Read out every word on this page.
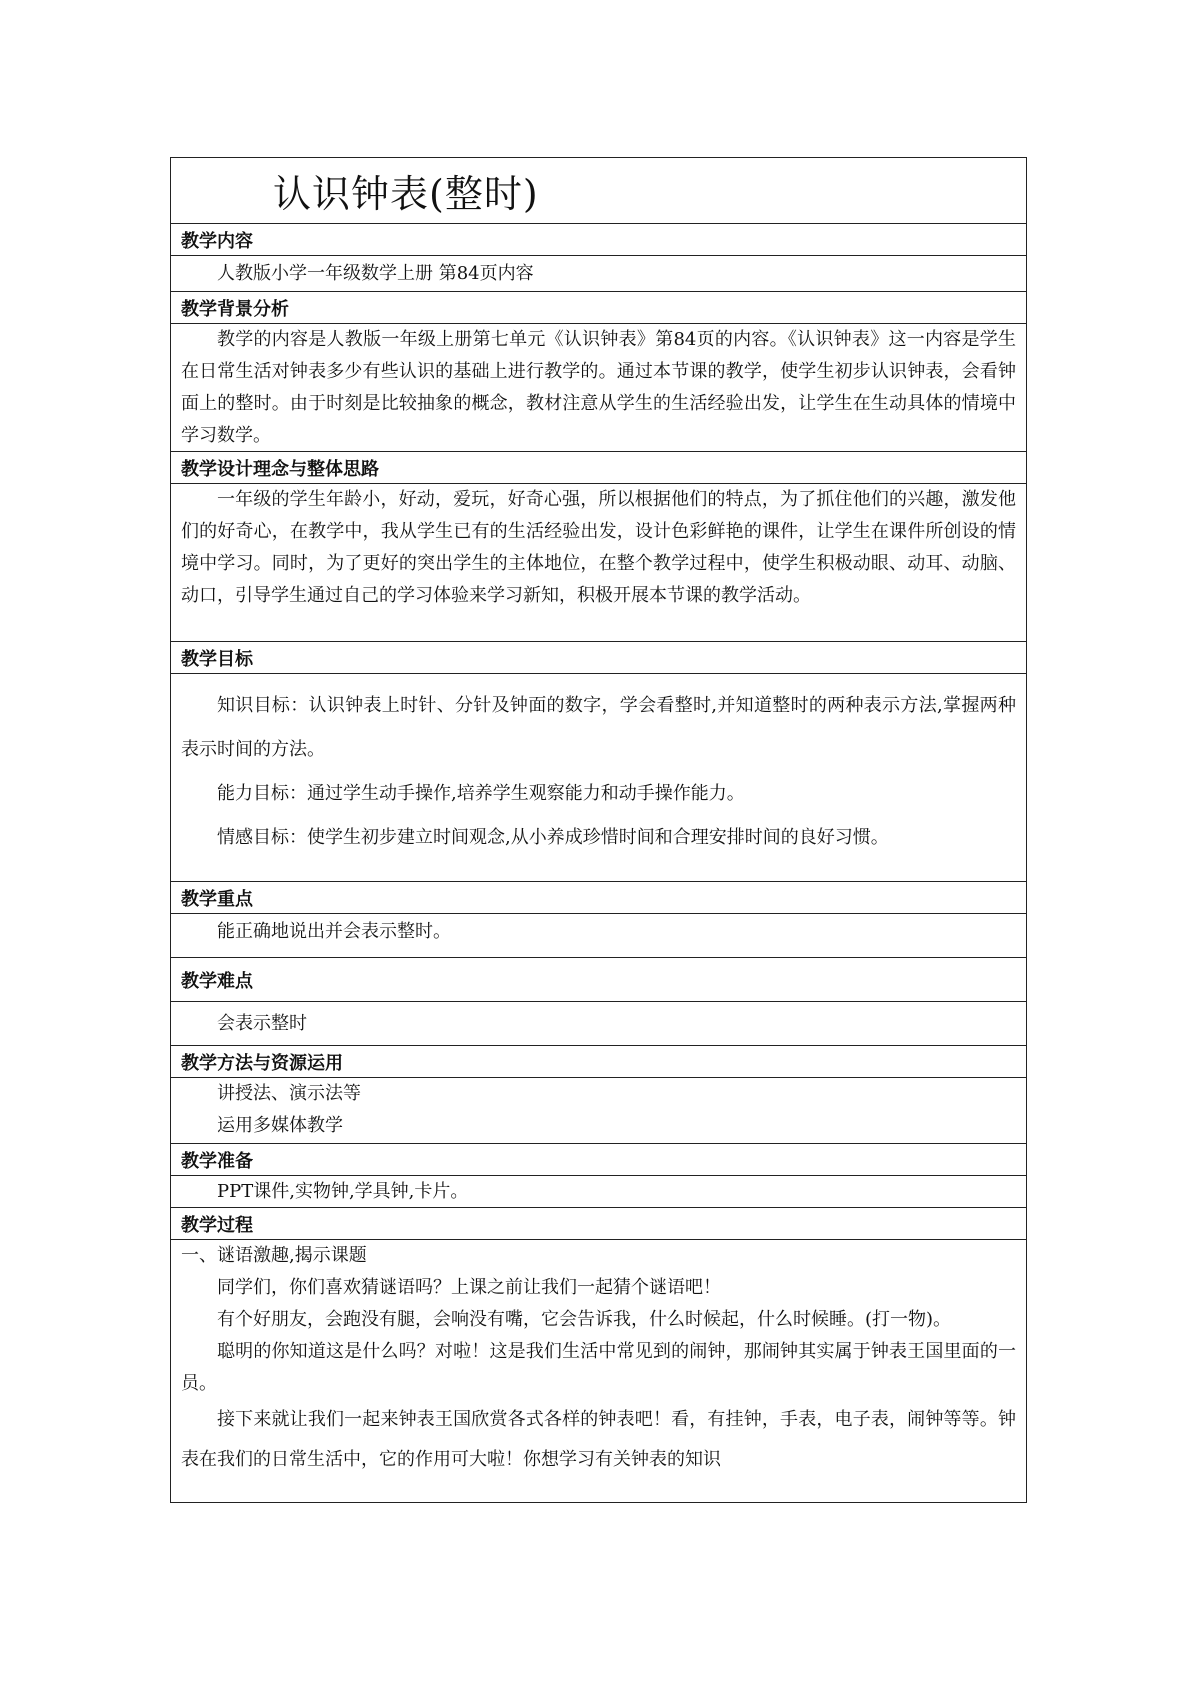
认识钟表(整时)
教学内容

人教版小学一年级数学上册 第84页内容

教学背景分析

教学的内容是人教版一年级上册第七单元《认识钟表》第84页的内容。《认识钟表》这一内容是学生在日常生活对钟表多少有些认识的基础上进行教学的。通过本节课的教学，使学生初步认识钟表，会看钟面上的整时。由于时刻是比较抽象的概念，教材注意从学生的生活经验出发，让学生在生动具体的情境中学习数学。

教学设计理念与整体思路

一年级的学生年龄小，好动，爱玩，好奇心强，所以根据他们的特点，为了抓住他们的兴趣，激发他们的好奇心，在教学中，我从学生已有的生活经验出发，设计色彩鲜艳的课件，让学生在课件所创设的情境中学习。同时，为了更好的突出学生的主体地位，在整个教学过程中，使学生积极动眼、动耳、动脑、动口，引导学生通过自己的学习体验来学习新知，积极开展本节课的教学活动。

教学目标

知识目标：认识钟表上时针、分针及钟面的数字，学会看整时,并知道整时的两种表示方法,掌握两种表示时间的方法。

能力目标：通过学生动手操作,培养学生观察能力和动手操作能力。

情感目标：使学生初步建立时间观念,从小养成珍惜时间和合理安排时间的良好习惯。

教学重点

能正确地说出并会表示整时。

教学难点

会表示整时

教学方法与资源运用

讲授法、演示法等

运用多媒体教学

教学准备

PPT课件,实物钟,学具钟,卡片。

教学过程

一、谜语激趣,揭示课题

同学们，你们喜欢猜谜语吗？上课之前让我们一起猜个谜语吧！

有个好朋友，会跑没有腿，会响没有嘴，它会告诉我，什么时候起，什么时候睡。(打一物)。

聪明的你知道这是什么吗？对啦！这是我们生活中常见到的闹钟，那闹钟其实属于钟表王国里面的一员。

接下来就让我们一起来钟表王国欣赏各式各样的钟表吧！看，有挂钟，手表，电子表，闹钟等等。钟表在我们的日常生活中，它的作用可大啦！你想学习有关钟表的知识
